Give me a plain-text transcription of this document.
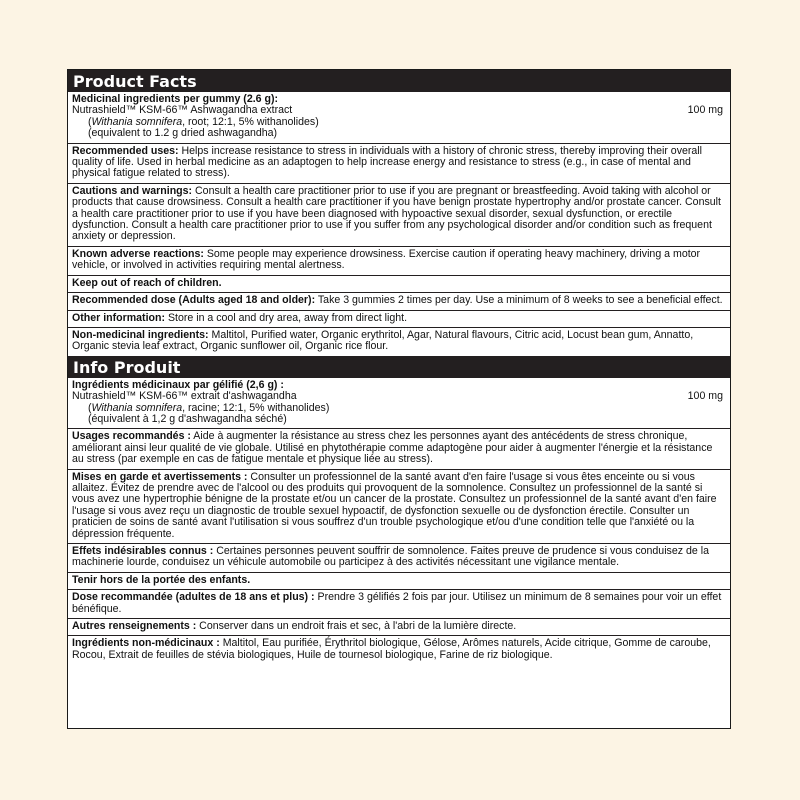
Product Facts
Medicinal ingredients per gummy (2.6 g):
Nutrashield™ KSM-66™ Ashwagandha extract	100 mg
(Withania somnifera, root; 12:1, 5% withanolides)
(equivalent to 1.2 g dried ashwagandha)
Recommended uses: Helps increase resistance to stress in individuals with a history of chronic stress, thereby improving their overall quality of life. Used in herbal medicine as an adaptogen to help increase energy and resistance to stress (e.g., in case of mental and physical fatigue related to stress).
Cautions and warnings: Consult a health care practitioner prior to use if you are pregnant or breastfeeding. Avoid taking with alcohol or products that cause drowsiness. Consult a health care practitioner if you have benign prostate hypertrophy and/or prostate cancer. Consult a health care practitioner prior to use if you have been diagnosed with hypoactive sexual disorder, sexual dysfunction, or erectile dysfunction. Consult a health care practitioner prior to use if you suffer from any psychological disorder and/or condition such as frequent anxiety or depression.
Known adverse reactions: Some people may experience drowsiness. Exercise caution if operating heavy machinery, driving a motor vehicle, or involved in activities requiring mental alertness.
Keep out of reach of children.
Recommended dose (Adults aged 18 and older): Take 3 gummies 2 times per day. Use a minimum of 8 weeks to see a beneficial effect.
Other information: Store in a cool and dry area, away from direct light.
Non-medicinal ingredients: Maltitol, Purified water, Organic erythritol, Agar, Natural flavours, Citric acid, Locust bean gum, Annatto, Organic stevia leaf extract, Organic sunflower oil, Organic rice flour.
Info Produit
Ingrédients médicinaux par gélifié (2,6 g) :
Nutrashield™ KSM-66™ extrait d'ashwagandha	100 mg
(Withania somnifera, racine; 12:1, 5% withanolides)
(équivalent à 1,2 g d'ashwagandha séché)
Usages recommandés : Aide à augmenter la résistance au stress chez les personnes ayant des antécédents de stress chronique, améliorant ainsi leur qualité de vie globale. Utilisé en phytothérapie comme adaptogène pour aider à augmenter l'énergie et la résistance au stress (par exemple en cas de fatigue mentale et physique liée au stress).
Mises en garde et avertissements : Consulter un professionnel de la santé avant d'en faire l'usage si vous êtes enceinte ou si vous allaitez. Évitez de prendre avec de l'alcool ou des produits qui provoquent de la somnolence. Consultez un professionnel de la santé si vous avez une hypertrophie bénigne de la prostate et/ou un cancer de la prostate. Consultez un professionnel de la santé avant d'en faire l'usage si vous avez reçu un diagnostic de trouble sexuel hypoactif, de dysfonction sexuelle ou de dysfonction érectile. Consulter un praticien de soins de santé avant l'utilisation si vous souffrez d'un trouble psychologique et/ou d'une condition telle que l'anxiété ou la dépression fréquente.
Effets indésirables connus : Certaines personnes peuvent souffrir de somnolence. Faites preuve de prudence si vous conduisez de la machinerie lourde, conduisez un véhicule automobile ou participez à des activités nécessitant une vigilance mentale.
Tenir hors de la portée des enfants.
Dose recommandée (adultes de 18 ans et plus) : Prendre 3 gélifiés 2 fois par jour. Utilisez un minimum de 8 semaines pour voir un effet bénéfique.
Autres renseignements : Conserver dans un endroit frais et sec, à l'abri de la lumière directe.
Ingrédients non-médicinaux : Maltitol, Eau purifiée, Érythritol biologique, Gélose, Arômes naturels, Acide citrique, Gomme de caroube, Rocou, Extrait de feuilles de stévia biologiques, Huile de tournesol biologique, Farine de riz biologique.
